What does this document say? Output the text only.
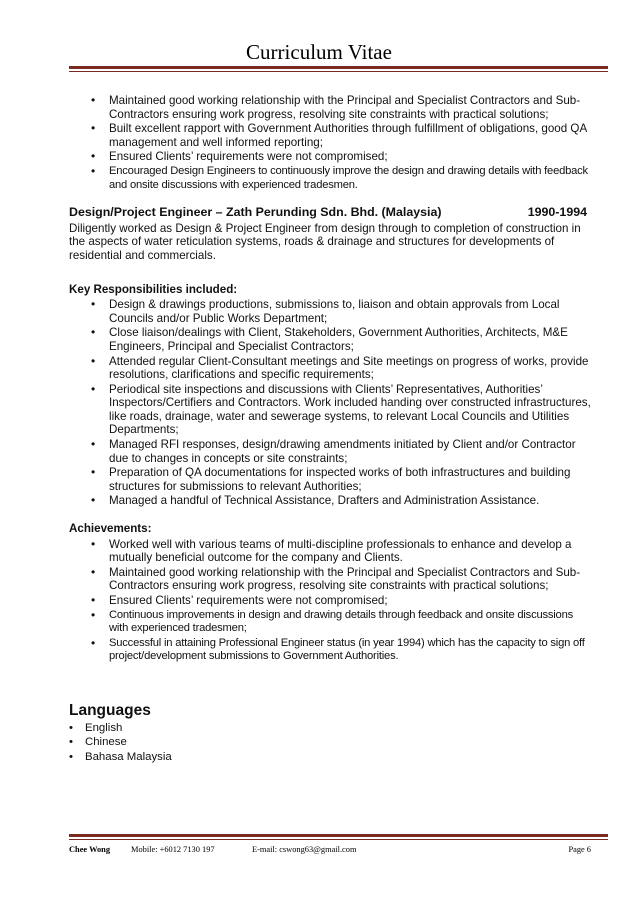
Curriculum Vitae
• Maintained good working relationship with the Principal and Specialist Contractors and Sub-Contractors ensuring work progress, resolving site constraints with practical solutions;
• Built excellent rapport with Government Authorities through fulfillment of obligations, good QA management and well informed reporting;
• Ensured Clients’ requirements were not compromised;
• Encouraged Design Engineers to continuously improve the design and drawing details with feedback and onsite discussions with experienced tradesmen.
Design/Project Engineer – Zath Perunding Sdn. Bhd. (Malaysia)	1990-1994
Diligently worked as Design & Project Engineer from design through to completion of construction in the aspects of water reticulation systems, roads & drainage and structures for developments of residential and commercials.
Key Responsibilities included:
• Design & drawings productions, submissions to, liaison and obtain approvals from Local Councils and/or Public Works Department;
• Close liaison/dealings with Client, Stakeholders, Government Authorities, Architects, M&E Engineers, Principal and Specialist Contractors;
• Attended regular Client-Consultant meetings and Site meetings on progress of works, provide resolutions, clarifications and specific requirements;
• Periodical site inspections and discussions with Clients’ Representatives, Authorities’ Inspectors/Certifiers and Contractors. Work included handing over constructed infrastructures, like roads, drainage, water and sewerage systems, to relevant Local Councils and Utilities Departments;
• Managed RFI responses, design/drawing amendments initiated by Client and/or Contractor due to changes in concepts or site constraints;
• Preparation of QA documentations for inspected works of both infrastructures and building structures for submissions to relevant Authorities;
• Managed a handful of Technical Assistance, Drafters and Administration Assistance.
Achievements:
• Worked well with various teams of multi-discipline professionals to enhance and develop a mutually beneficial outcome for the company and Clients.
• Maintained good working relationship with the Principal and Specialist Contractors and Sub-Contractors ensuring work progress, resolving site constraints with practical solutions;
• Ensured Clients’ requirements were not compromised;
• Continuous improvements in design and drawing details through feedback and onsite discussions with experienced tradesmen;
• Successful in attaining Professional Engineer status (in year 1994) which has the capacity to sign off project/development submissions to Government Authorities.
Languages
• English
• Chinese
• Bahasa Malaysia
Chee Wong Mobile: +6012 7130 197	E-mail: cswong63@gmail.com	Page 6
